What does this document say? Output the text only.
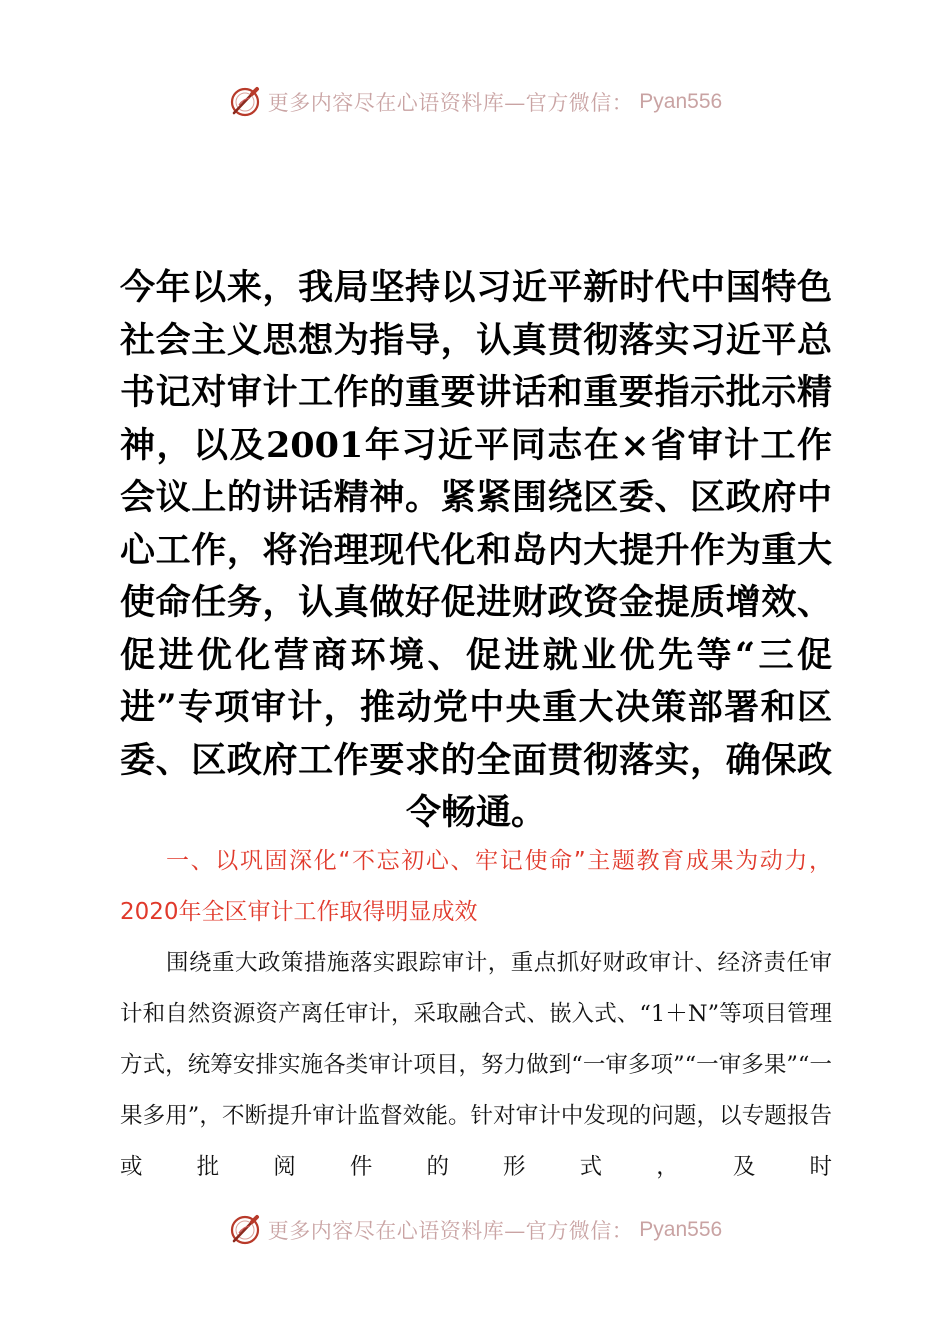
更多内容尽在心语资料库—官方微信： Pyan556

今年以来，我局坚持以习近平新时代中国特色社会主义思想为指导，认真贯彻落实习近平总书记对审计工作的重要讲话和重要指示批示精神，以及2001年习近平同志在×省审计工作会议上的讲话精神。紧紧围绕区委、区政府中心工作，将治理现代化和岛内大提升作为重大使命任务，认真做好促进财政资金提质增效、促进优化营商环境、促进就业优先等“三促进”专项审计，推动党中央重大决策部署和区委、区政府工作要求的全面贯彻落实，确保政令畅通。

一、以巩固深化“不忘初心、牢记使命”主题教育成果为动力，2020年全区审计工作取得明显成效

围绕重大政策措施落实跟踪审计，重点抓好财政审计、经济责任审计和自然资源资产离任审计，采取融合式、嵌入式、“1＋N”等项目管理方式，统筹安排实施各类审计项目，努力做到“一审多项”“一审多果”“一果多用”，不断提升审计监督效能。针对审计中发现的问题，以专题报告或批阅件的形式，及时

更多内容尽在心语资料库—官方微信： Pyan556
